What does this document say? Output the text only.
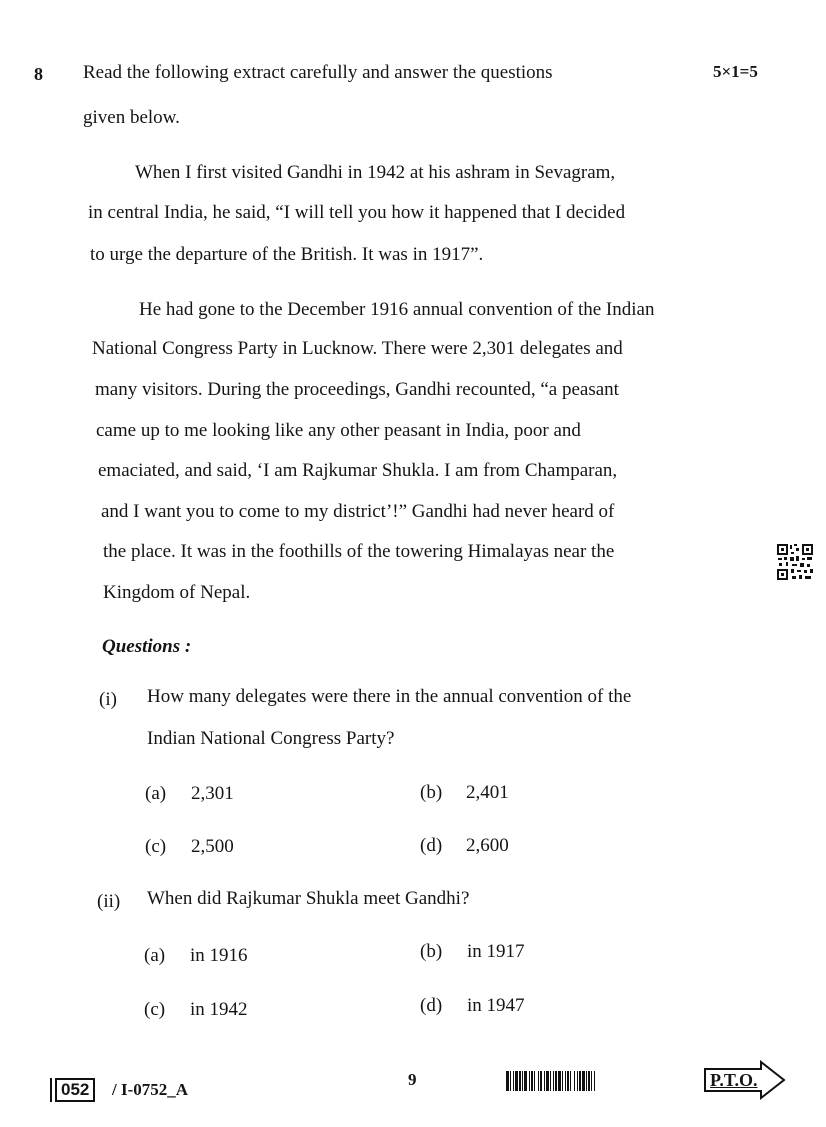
8 Read the following extract carefully and answer the questions	5×1=5
given below.
When I first visited Gandhi in 1942 at his ashram in Sevagram,
in central India, he said, “I will tell you how it happened that I decided
to urge the departure of the British. It was in 1917”.
He had gone to the December 1916 annual convention of the Indian
National Congress Party in Lucknow. There were 2,301 delegates and
many visitors. During the proceedings, Gandhi recounted, “a peasant
came up to me looking like any other peasant in India, poor and
emaciated, and said, ‘I am Rajkumar Shukla. I am from Champaran,
and I want you to come to my district’!” Gandhi had never heard of
the place. It was in the foothills of the towering Himalayas near the
Kingdom of Nepal.
Questions :
(i) How many delegates were there in the annual convention of the
Indian National Congress Party?
(a) 2,301	(b) 2,401
(c) 2,500	(d) 2,600
(ii) When did Rajkumar Shukla meet Gandhi?
(a) in 1916	(b) in 1917
(c) in 1942	(d) in 1947
052	/ I-0752_A
9	P.T.O.
